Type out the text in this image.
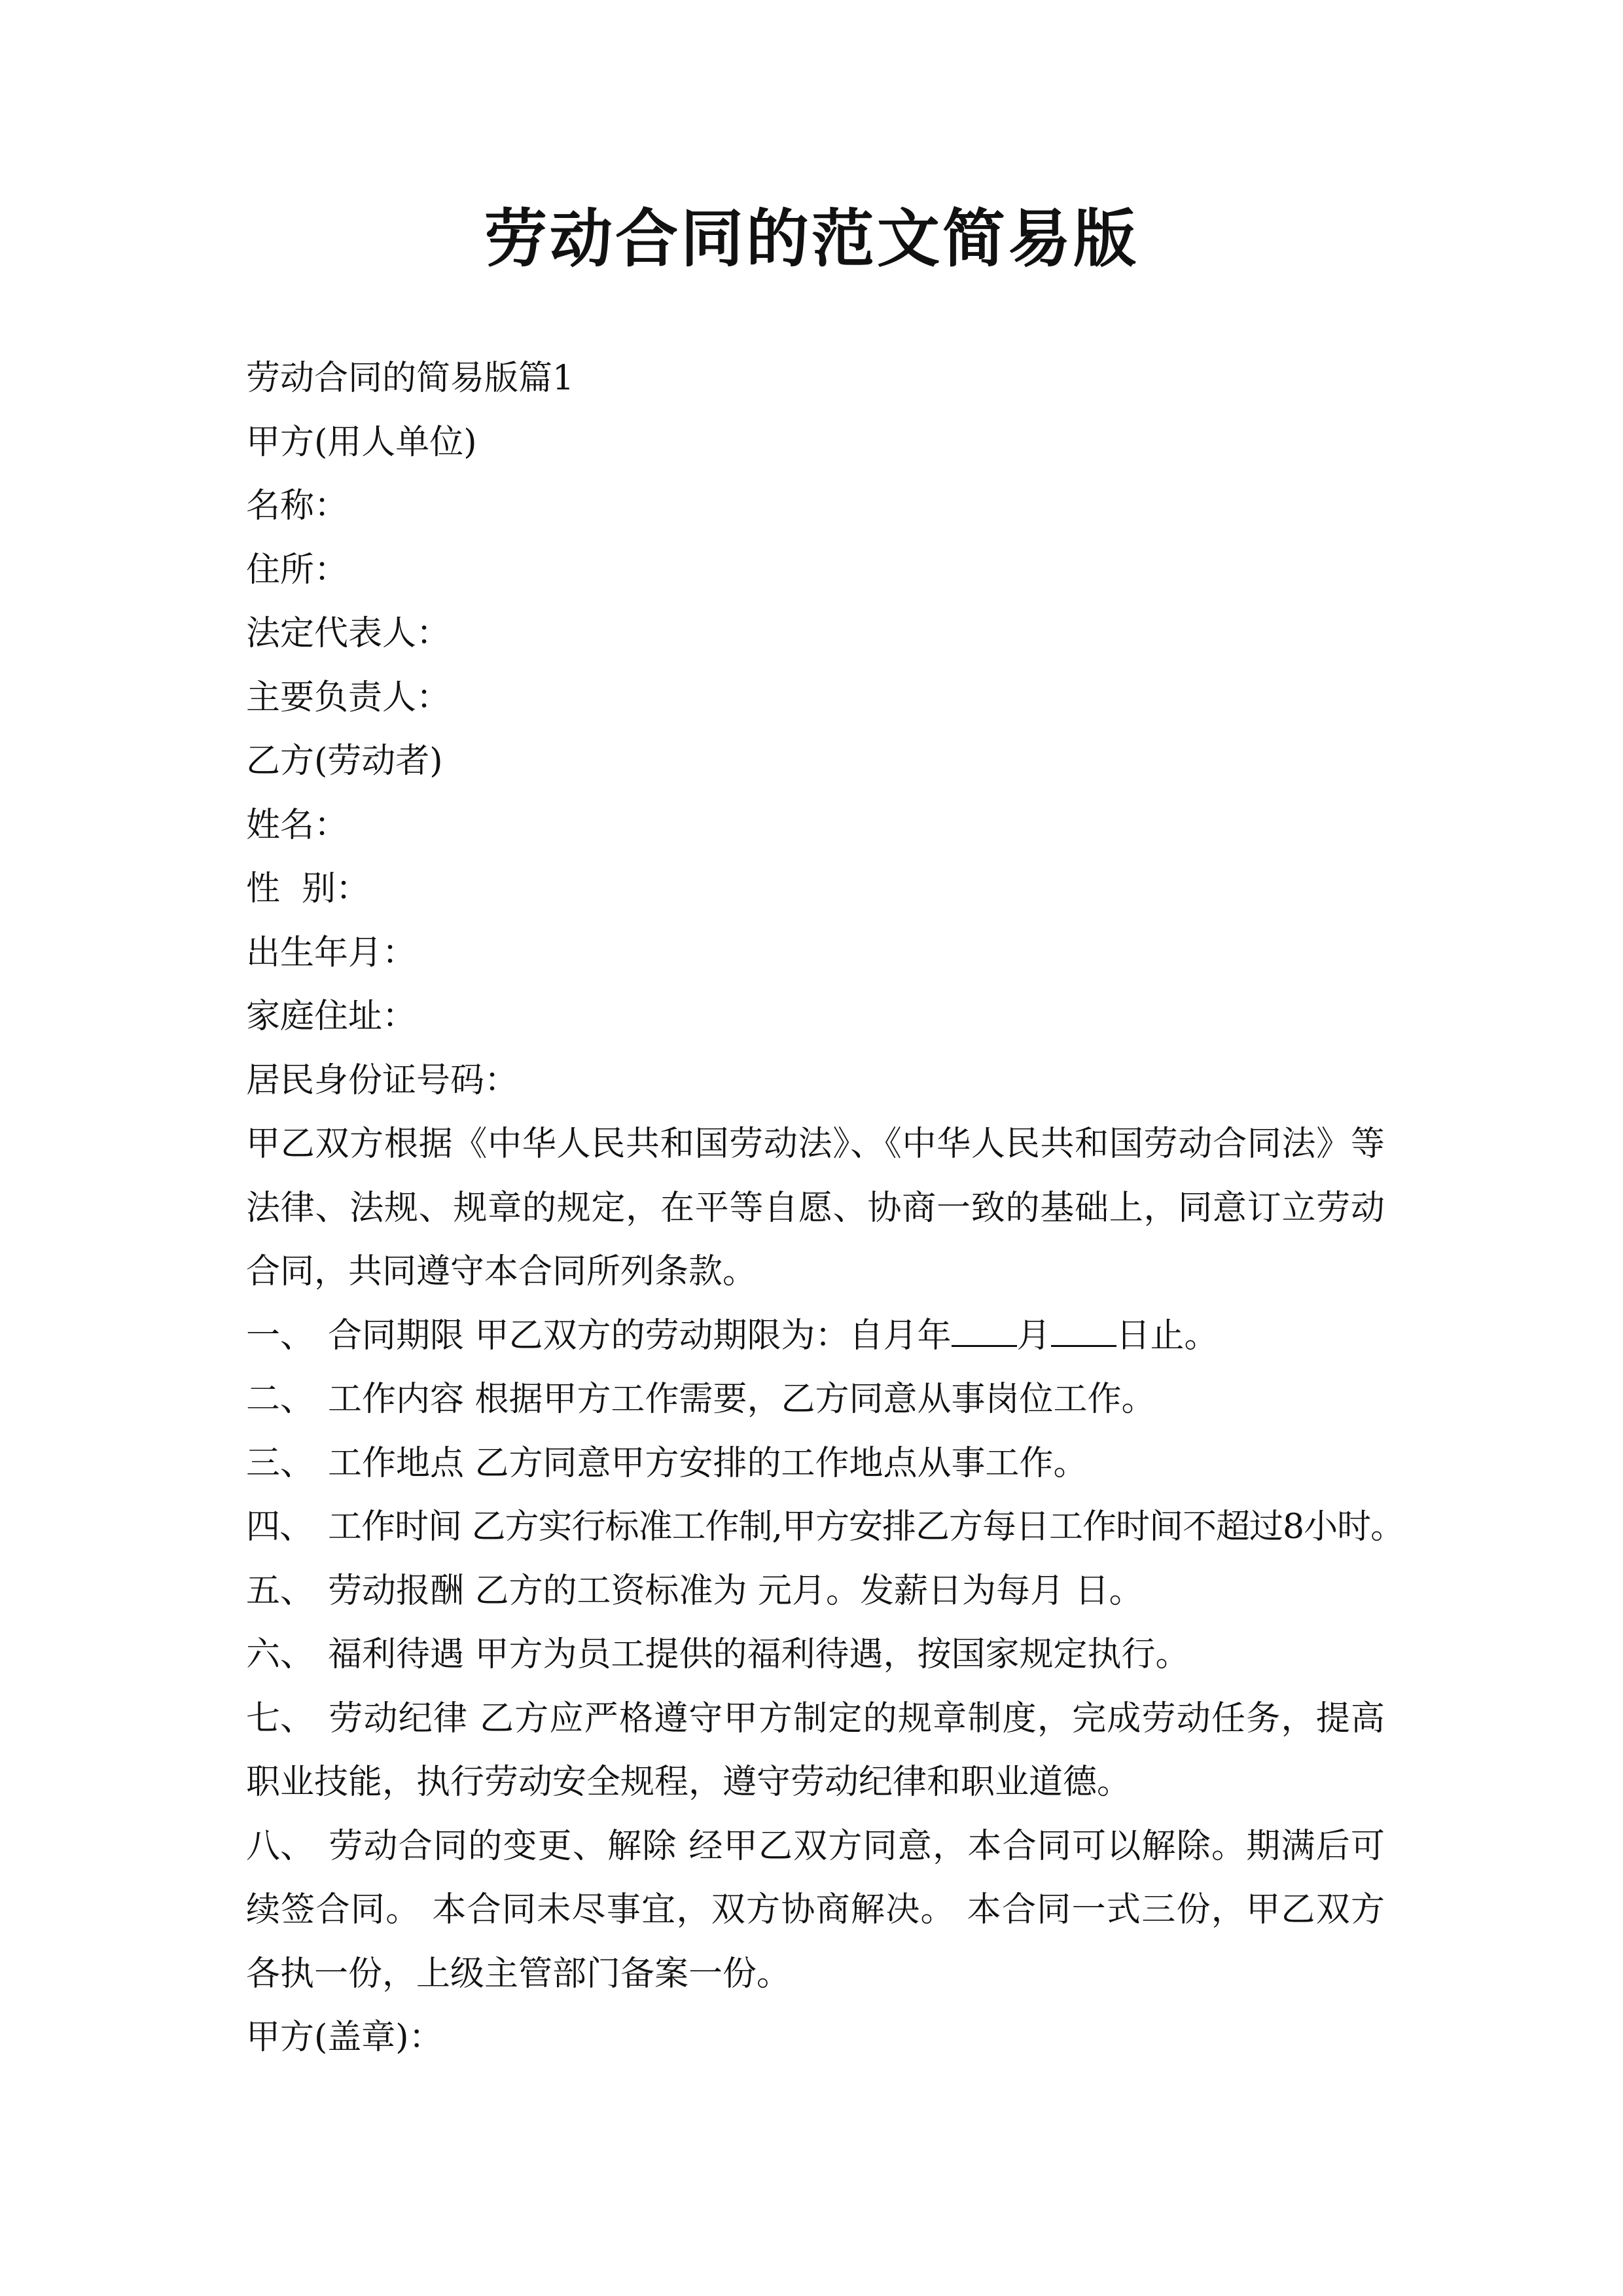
劳动合同的范文简易版
劳动合同的简易版篇1
甲方(用人单位)
名称：
住所：
法定代表人：
主要负责人：
乙方(劳动者)
姓名：
性  别：
出生年月：
家庭住址：
居民身份证号码：
甲乙双方根据《中华人民共和国劳动法》、《中华人民共和国劳动合同法》等法律、法规、规章的规定，在平等自愿、协商一致的基础上，同意订立劳动合同，共同遵守本合同所列条款。
一、 合同期限 甲乙双方的劳动期限为：自月年 月 日止。
二、 工作内容 根据甲方工作需要，乙方同意从事岗位工作。
三、 工作地点 乙方同意甲方安排的工作地点从事工作。
四、 工作时间 乙方实行标准工作制,甲方安排乙方每日工作时间不超过8小时。
五、 劳动报酬 乙方的工资标准为 元月。发薪日为每月 日。
六、 福利待遇 甲方为员工提供的福利待遇，按国家规定执行。
七、 劳动纪律 乙方应严格遵守甲方制定的规章制度，完成劳动任务，提高职业技能，执行劳动安全规程，遵守劳动纪律和职业道德。
八、 劳动合同的变更、解除 经甲乙双方同意，本合同可以解除。期满后可续签合同。 本合同未尽事宜，双方协商解决。 本合同一式三份，甲乙双方各执一份，上级主管部门备案一份。
甲方(盖章)：
